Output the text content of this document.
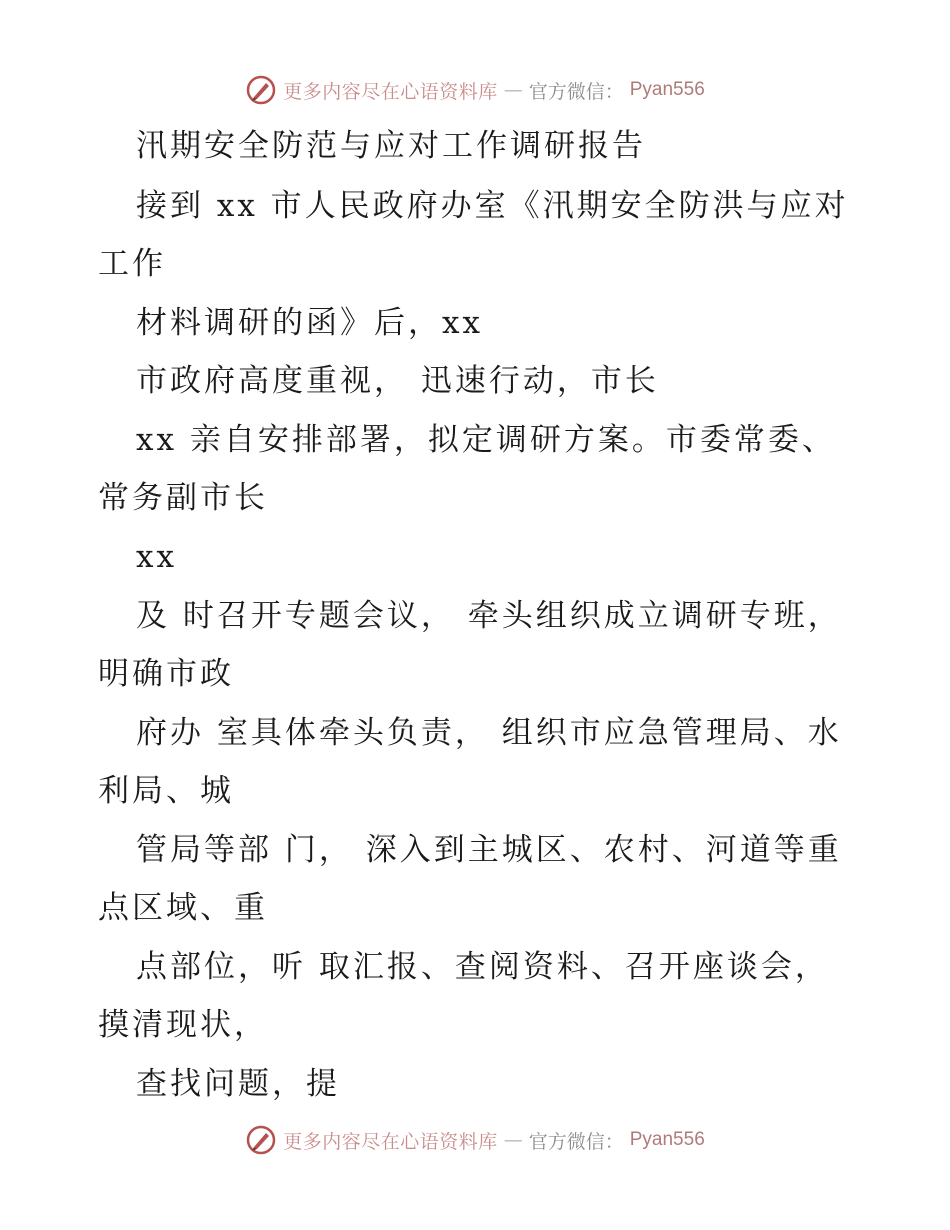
更多内容尽在心语资料库 — 官方微信： Pyan556
汛期安全防范与应对工作调研报告
接到 xx 市人民政府办室《汛期安全防洪与应对
工作
材料调研的函》后，xx
市政府高度重视， 迅速行动，市长
xx 亲自安排部署，拟定调研方案。市委常委、
常务副市长
xx
及 时召开专题会议， 牵头组织成立调研专班，
明确市政
府办 室具体牵头负责， 组织市应急管理局、水
利局、城
管局等部 门， 深入到主城区、农村、河道等重
点区域、重
点部位，听 取汇报、查阅资料、召开座谈会，
摸清现状，
查找问题，提
更多内容尽在心语资料库 — 官方微信： Pyan556
